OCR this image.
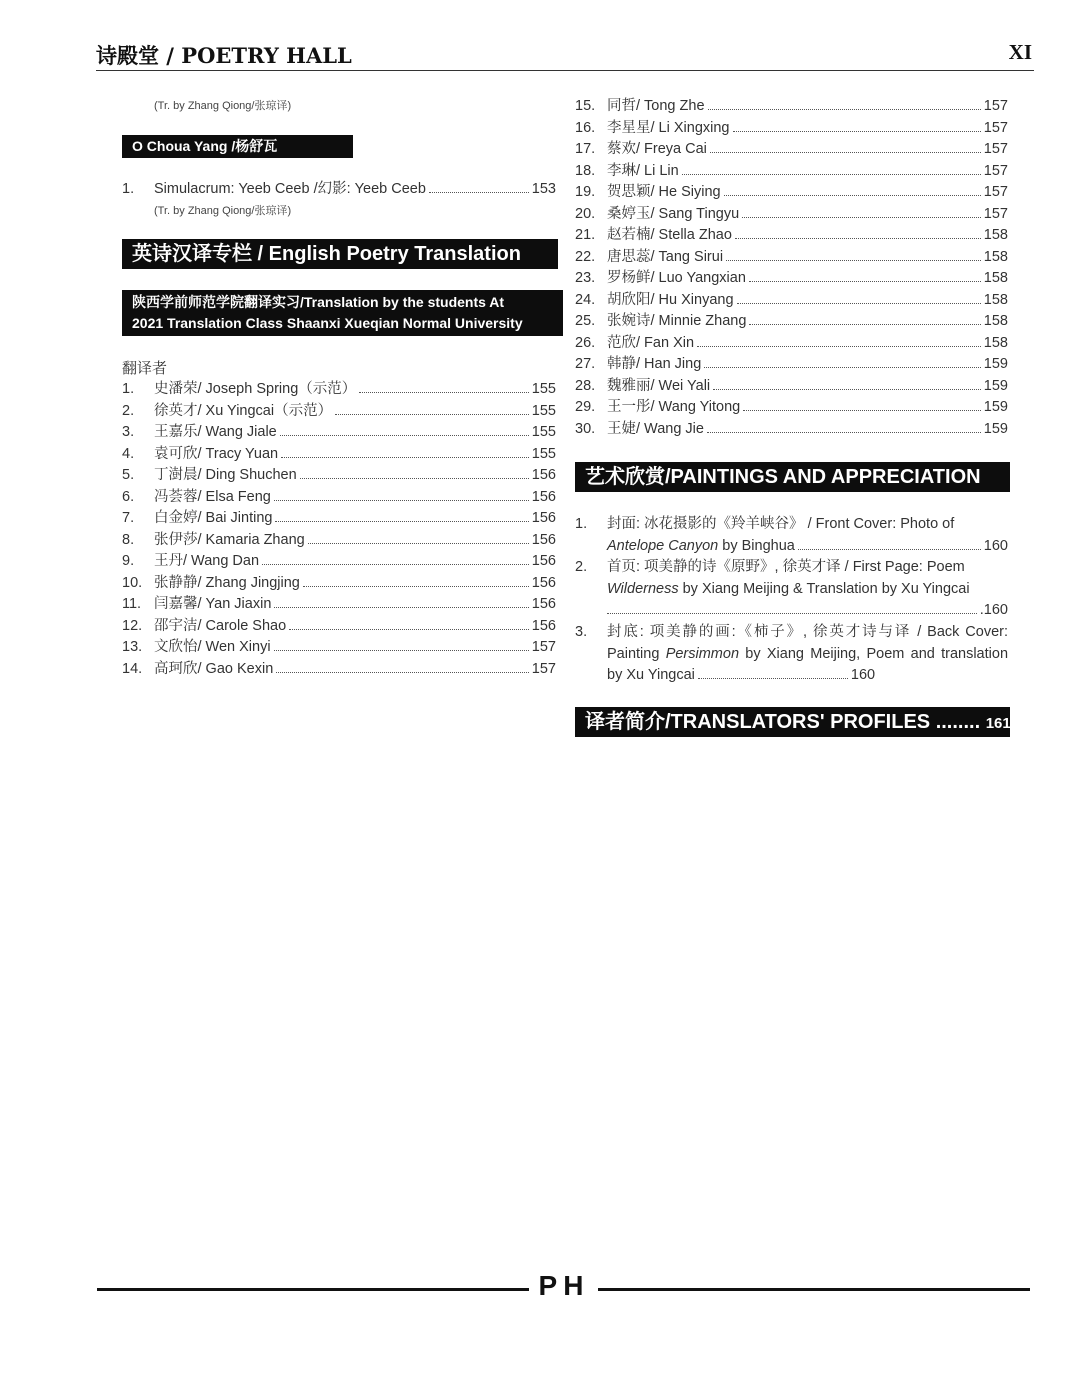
诗殿堂 / POETRY HALL	XI
(Tr. by Zhang Qiong/张琼译)
O Choua Yang /杨舒瓦
1.	Simulacrum: Yeeb Ceeb /幻影: Yeeb Ceeb	153
(Tr. by Zhang Qiong/张琼译)
英诗汉译专栏 / English Poetry Translation
陕西学前师范学院翻译实习/Translation by the students At
2021 Translation Class Shaanxi Xueqian Normal University
翻译者
1.	史潘荣/ Joseph Spring（示范）	155
2.	徐英才/ Xu Yingcai（示范）	155
3.	王嘉乐/ Wang Jiale	155
4.	袁可欣/ Tracy Yuan	155
5.	丁澍晨/ Ding Shuchen	156
6.	冯荟蓉/ Elsa Feng	156
7.	白金婷/ Bai Jinting	156
8.	张伊莎/ Kamaria Zhang	156
9.	王丹/ Wang Dan	156
10. 张静静/ Zhang Jingjing	156
11. 闫嘉馨/ Yan Jiaxin	156
12. 邵宇洁/ Carole Shao	156
13. 文欣怡/ Wen Xinyi	157
14. 高珂欣/ Gao Kexin	157
15. 同哲/ Tong Zhe	157
16. 李星星/ Li Xingxing	157
17. 蔡欢/ Freya Cai	157
18. 李琳/ Li Lin	157
19. 贺思颖/ He Siying	157
20. 桑婷玉/ Sang Tingyu	157
21. 赵若楠/ Stella Zhao	158
22. 唐思蕊/ Tang Sirui	158
23. 罗杨鲜/ Luo Yangxian	158
24. 胡欣阳/ Hu Xinyang	158
25. 张婉诗/ Minnie Zhang	158
26. 范欣/ Fan Xin	158
27. 韩静/ Han Jing	159
28. 魏雅丽/ Wei Yali	159
29. 王一彤/ Wang Yitong	159
30. 王婕/ Wang Jie	159
艺术欣赏/PAINTINGS AND APPRECIATION
1.	封面: 冰花摄影的《羚羊峡谷》 / Front Cover: Photo of
Antelope Canyon by Binghua	160
2.	首页: 项美静的诗《原野》, 徐英才译 / First Page: Poem
Wilderness by Xiang Meijing & Translation by Xu Yingcai
.160
3.	封底: 项美静的画:《柿子》, 徐英才诗与译 / Back Cover: Painting Persimmon by Xiang Meijing, Poem and translation by Xu Yingcai	160
译者简介/TRANSLATORS' PROFILES ........ 161
PH
